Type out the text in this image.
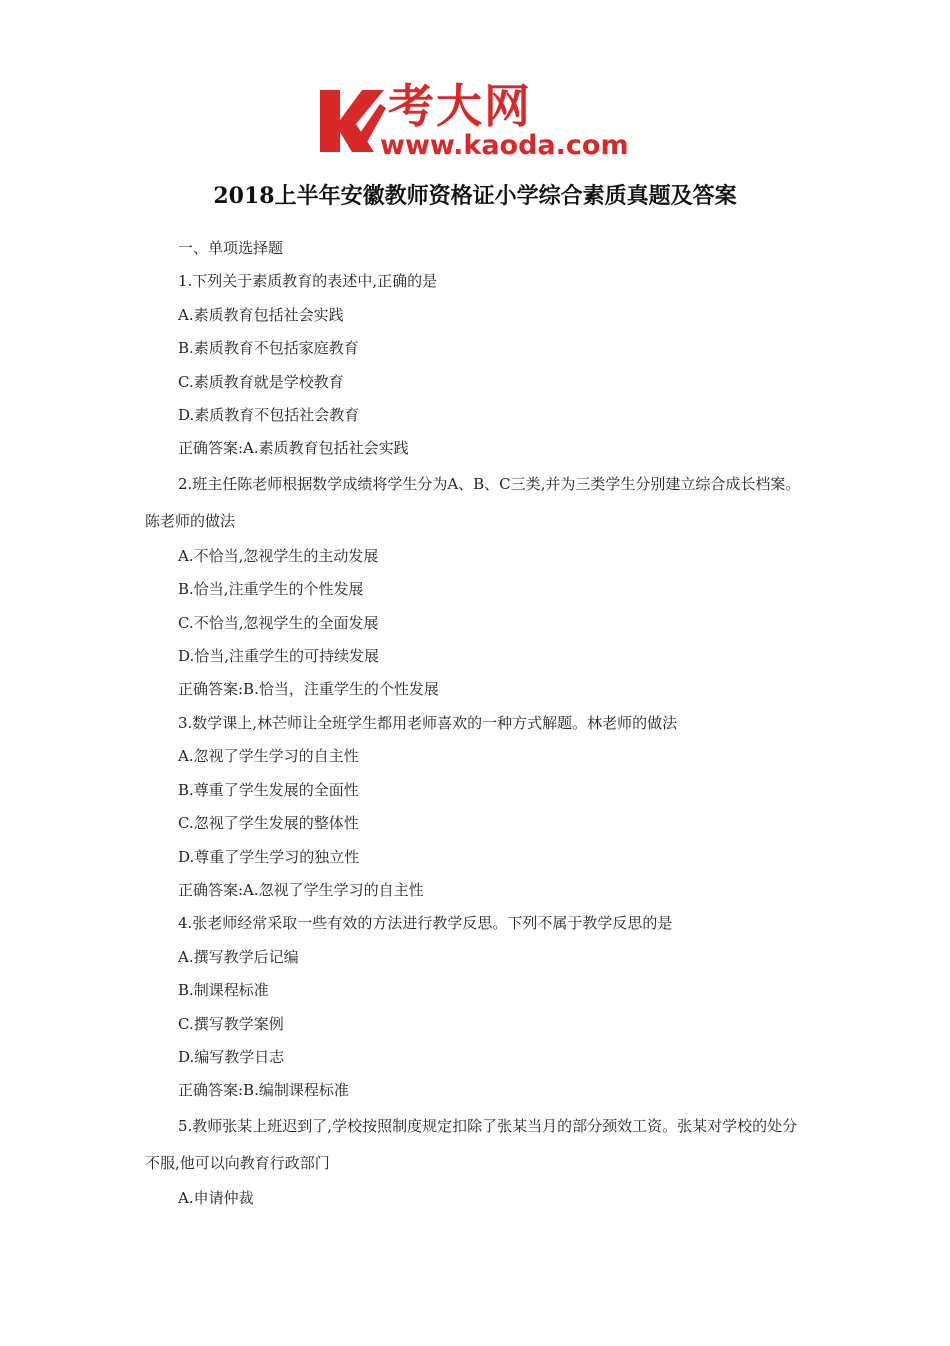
考大网
www.kaoda.com
2018上半年安徽教师资格证小学综合素质真题及答案

一、单项选择题

1.下列关于素质教育的表述中,正确的是

A.素质教育包括社会实践

B.素质教育不包括家庭教育

C.素质教育就是学校教育

D.素质教育不包括社会教育

正确答案:A.素质教育包括社会实践

2.班主任陈老师根据数学成绩将学生分为A、B、C三类,并为三类学生分别建立综合成长档案。陈老师的做法

A.不恰当,忽视学生的主动发展

B.恰当,注重学生的个性发展

C.不恰当,忽视学生的全面发展

D.恰当,注重学生的可持续发展

正确答案:B.恰当，注重学生的个性发展

3.数学课上,林芒师让全班学生都用老师喜欢的一种方式解题。林老师的做法

A.忽视了学生学习的自主性

B.尊重了学生发展的全面性

C.忽视了学生发展的整体性

D.尊重了学生学习的独立性

正确答案:A.忽视了学生学习的自主性

4.张老师经常采取一些有效的方法进行教学反思。下列不属于教学反思的是

A.撰写教学后记编

B.制课程标准

C.撰写教学案例

D.编写教学日志

正确答案:B.编制课程标准

5.教师张某上班迟到了,学校按照制度规定扣除了张某当月的部分颈效工资。张某对学校的处分不服,他可以向教育行政部门

A.申请仲裁
